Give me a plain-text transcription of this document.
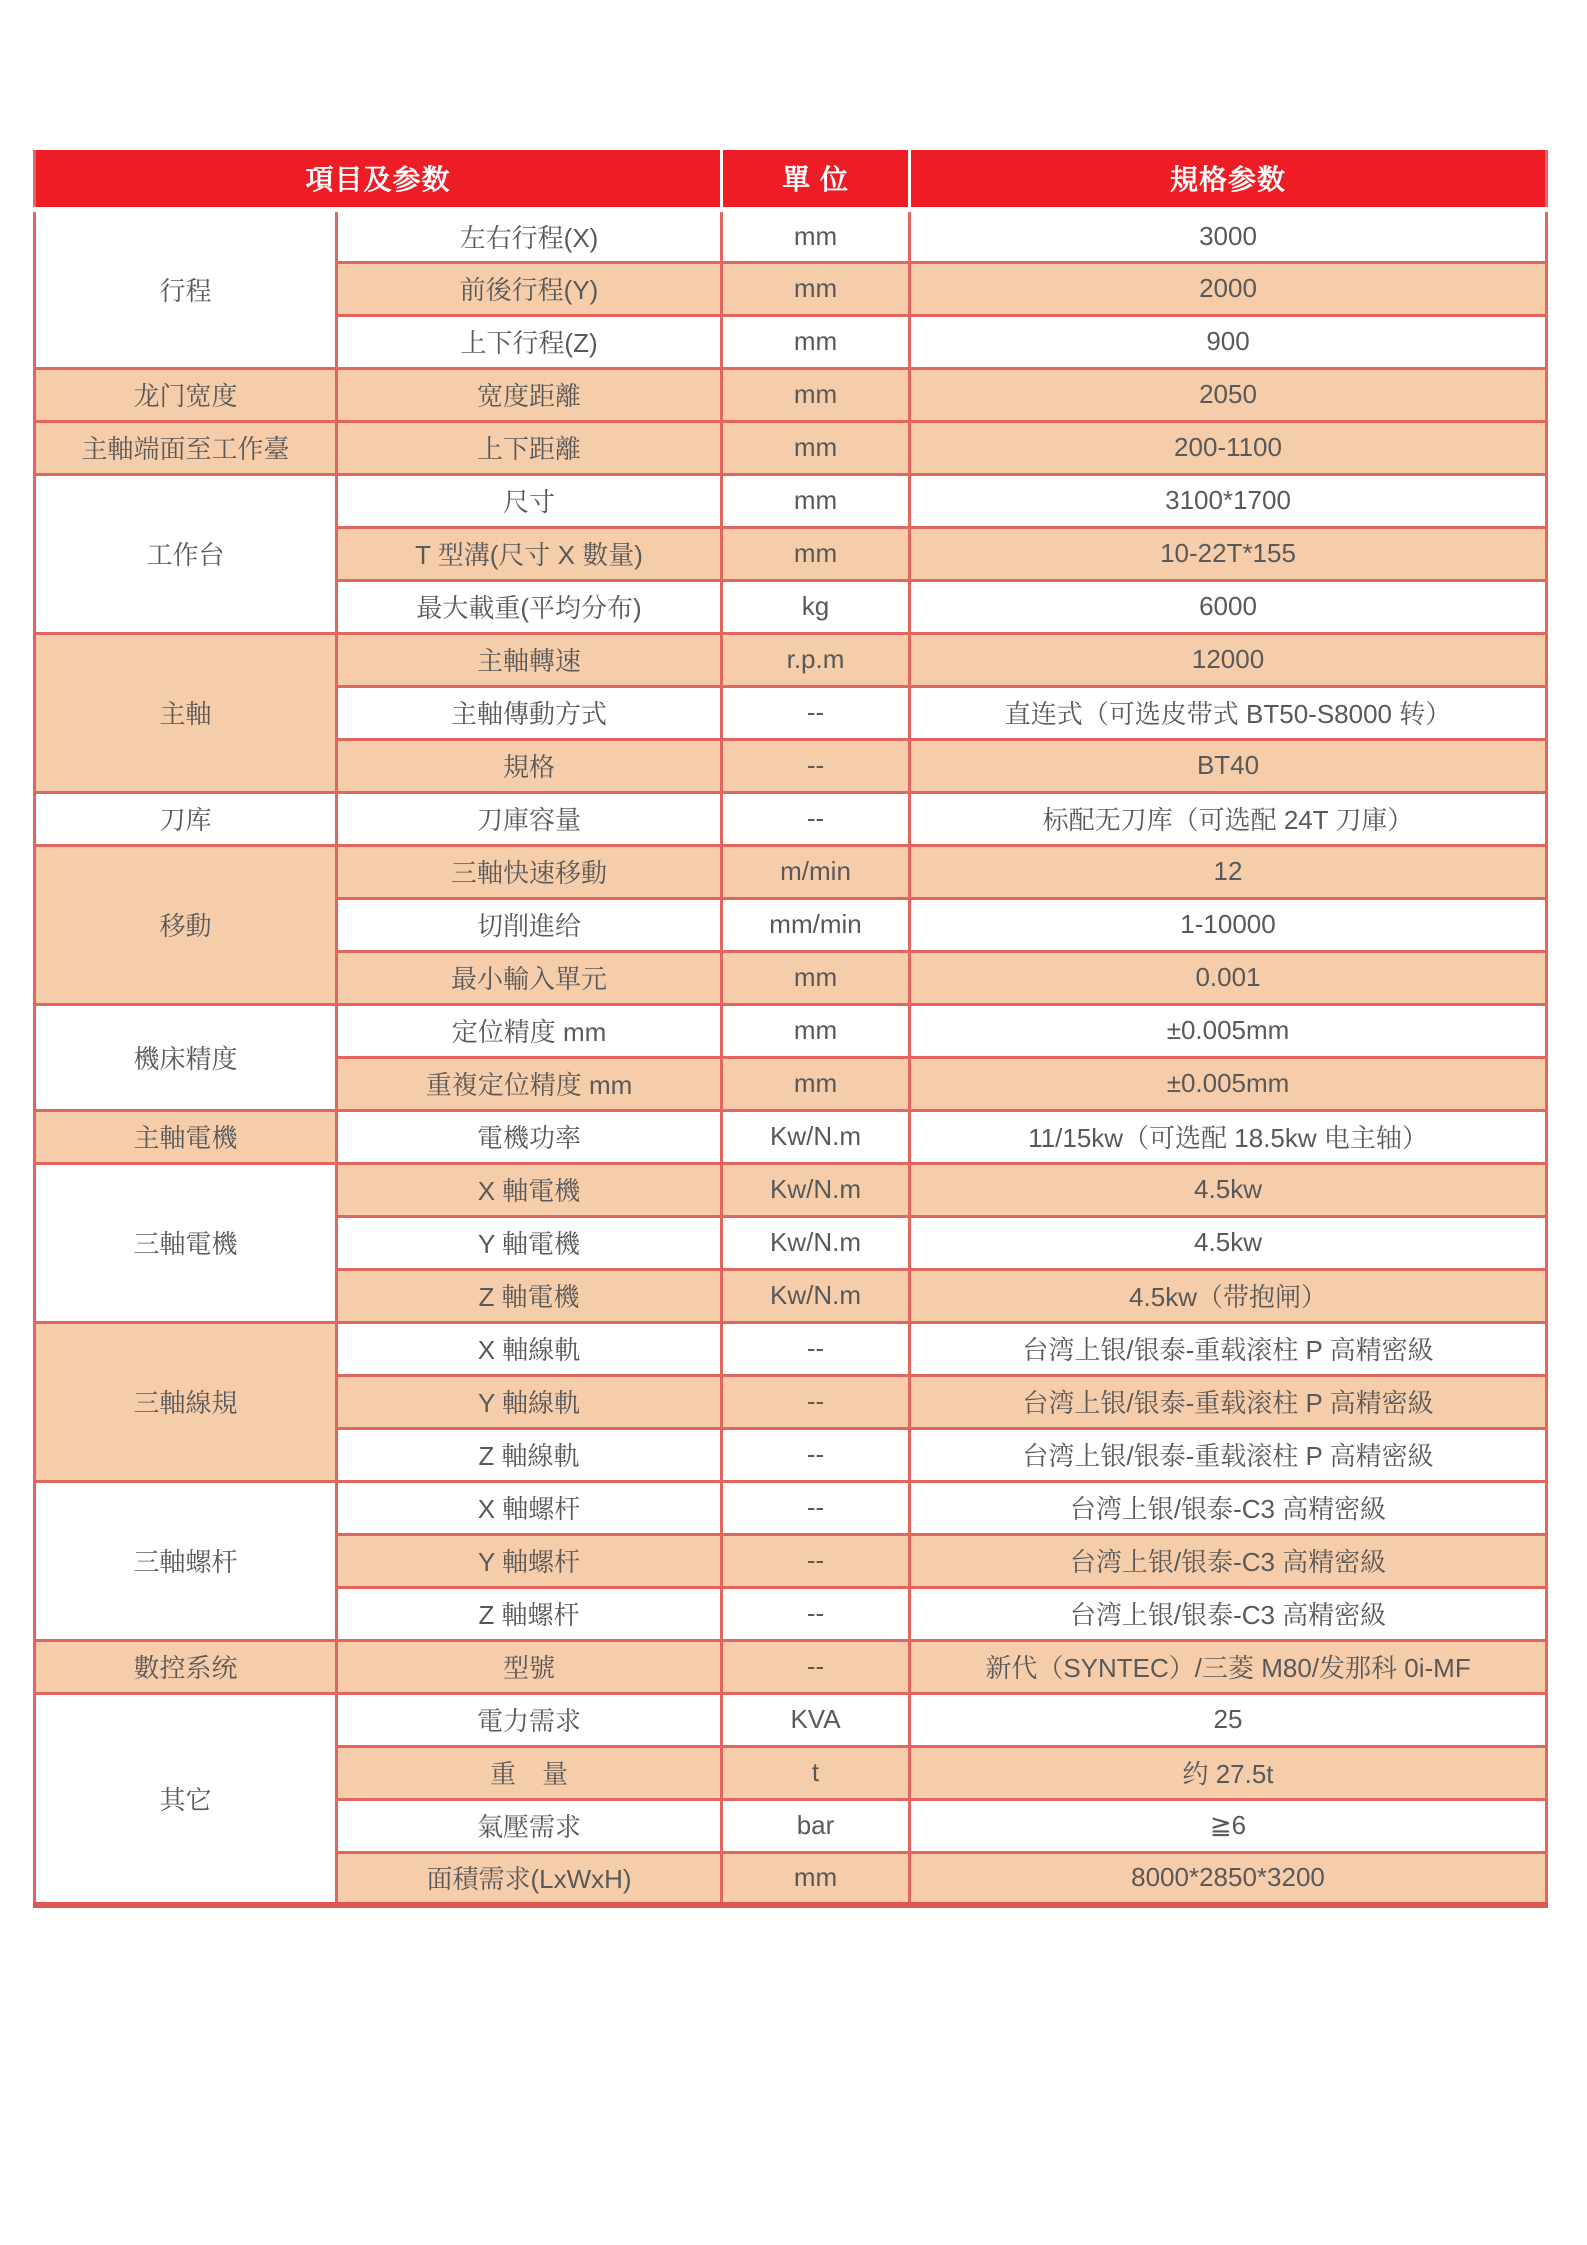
項目及参数		單 位	規格参数
行程	左右行程(X)	mm	3000
	前後行程(Y)	mm	2000
	上下行程(Z)	mm	900
龙门宽度	宽度距離	mm	2050
主軸端面至工作臺	上下距離	mm	200-1100
工作台	尺寸	mm	3100*1700
	T 型溝(尺寸 X 數量)	mm	10-22T*155
	最大載重(平均分布)	kg	6000
主軸	主軸轉速	r.p.m	12000
	主軸傳動方式	--	直连式（可选皮带式 BT50-S8000 转）
	規格	--	BT40
刀库	刀庫容量	--	标配无刀库（可选配 24T 刀庫）
移動	三軸快速移動	m/min	12
	切削進给	mm/min	1-10000
	最小輸入單元	mm	0.001
機床精度	定位精度 mm	mm	±0.005mm
	重複定位精度 mm	mm	±0.005mm
主軸電機	電機功率	Kw/N.m	11/15kw（可选配 18.5kw 电主轴）
三軸電機	X 軸電機	Kw/N.m	4.5kw
	Y 軸電機	Kw/N.m	4.5kw
	Z 軸電機	Kw/N.m	4.5kw（带抱闸）
三軸線規	X 軸線軌	--	台湾上银/银泰-重载滚柱 P 高精密級
	Y 軸線軌	--	台湾上银/银泰-重载滚柱 P 高精密級
	Z 軸線軌	--	台湾上银/银泰-重载滚柱 P 高精密級
三軸螺杆	X 軸螺杆	--	台湾上银/银泰-C3 高精密級
	Y 軸螺杆	--	台湾上银/银泰-C3 高精密級
	Z 軸螺杆	--	台湾上银/银泰-C3 高精密級
數控系统	型號	--	新代（SYNTEC）/三菱 M80/发那科 0i-MF
其它	電力需求	KVA	25
	重　量	t	约 27.5t
	氣壓需求	bar	≧6
	面積需求(LxWxH)	mm	8000*2850*3200
